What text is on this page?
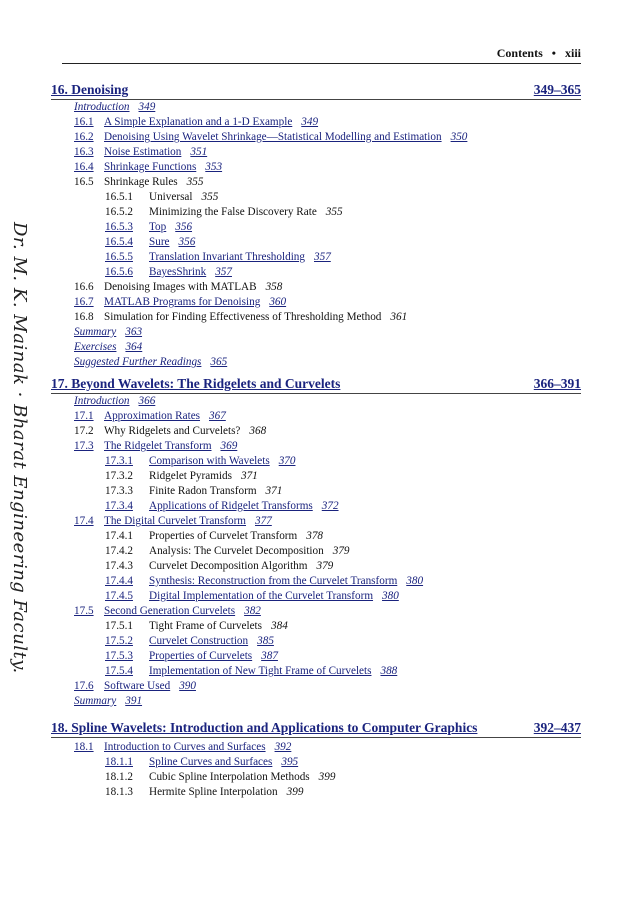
Contents • xiii
Dr. M. K. Mainak · Bharat Engineering Faculty.
16. Denoising	349–365
Introduction 349
16.1 A Simple Explanation and a 1-D Example 349
16.2 Denoising Using Wavelet Shrinkage—Statistical Modelling and Estimation 350
16.3 Noise Estimation 351
16.4 Shrinkage Functions 353
16.5 Shrinkage Rules 355
16.5.1 Universal 355
16.5.2 Minimizing the False Discovery Rate 355
16.5.3 Top 356
16.5.4 Sure 356
16.5.5 Translation Invariant Thresholding 357
16.5.6 BayesShrink 357
16.6 Denoising Images with MATLAB 358
16.7 MATLAB Programs for Denoising 360
16.8 Simulation for Finding Effectiveness of Thresholding Method 361
Summary 363
Exercises 364
Suggested Further Readings 365
17. Beyond Wavelets: The Ridgelets and Curvelets	366–391
Introduction 366
17.1 Approximation Rates 367
17.2 Why Ridgelets and Curvelets? 368
17.3 The Ridgelet Transform 369
17.3.1 Comparison with Wavelets 370
17.3.2 Ridgelet Pyramids 371
17.3.3 Finite Radon Transform 371
17.3.4 Applications of Ridgelet Transforms 372
17.4 The Digital Curvelet Transform 377
17.4.1 Properties of Curvelet Transform 378
17.4.2 Analysis: The Curvelet Decomposition 379
17.4.3 Curvelet Decomposition Algorithm 379
17.4.4 Synthesis: Reconstruction from the Curvelet Transform 380
17.4.5 Digital Implementation of the Curvelet Transform 380
17.5 Second Generation Curvelets 382
17.5.1 Tight Frame of Curvelets 384
17.5.2 Curvelet Construction 385
17.5.3 Properties of Curvelets 387
17.5.4 Implementation of New Tight Frame of Curvelets 388
17.6 Software Used 390
Summary 391
18. Spline Wavelets: Introduction and Applications to Computer Graphics	392–437
18.1 Introduction to Curves and Surfaces 392
18.1.1 Spline Curves and Surfaces 395
18.1.2 Cubic Spline Interpolation Methods 399
18.1.3 Hermite Spline Interpolation 399
